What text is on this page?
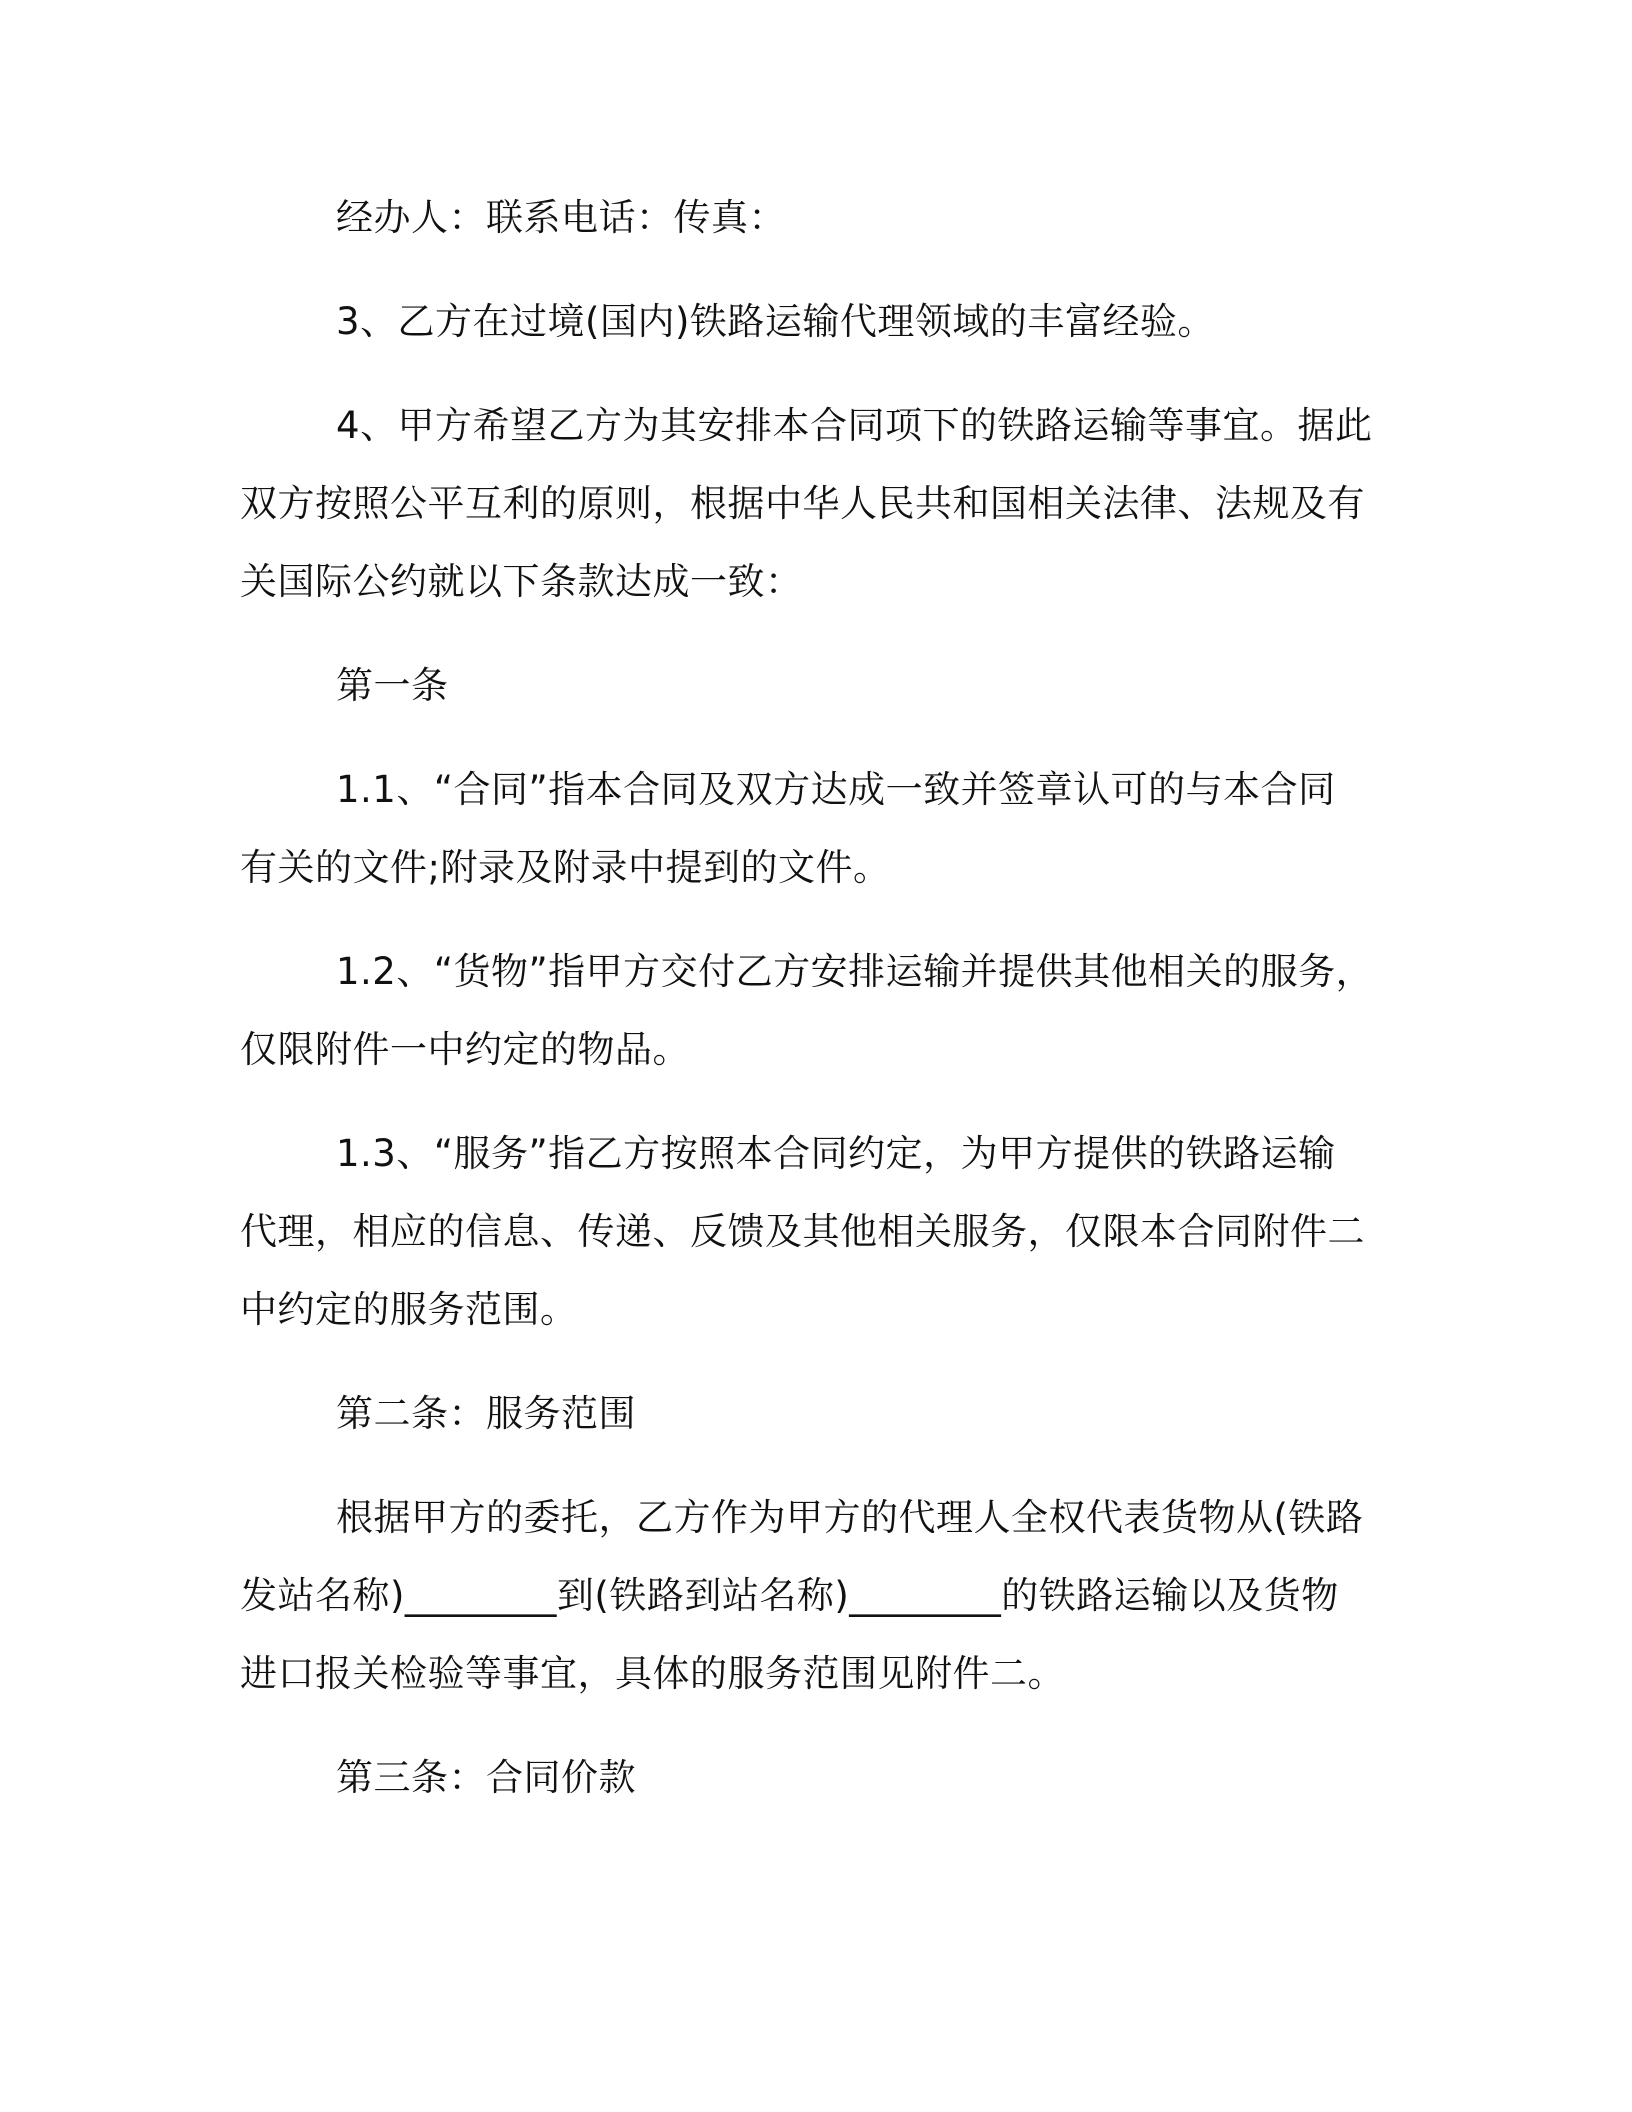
经办人：联系电话：传真：
3、乙方在过境(国内)铁路运输代理领域的丰富经验。
4、甲方希望乙方为其安排本合同项下的铁路运输等事宜。据此
双方按照公平互利的原则，根据中华人民共和国相关法律、法规及有
关国际公约就以下条款达成一致：
第一条
1.1、“合同”指本合同及双方达成一致并签章认可的与本合同
有关的文件;附录及附录中提到的文件。
1.2、“货物”指甲方交付乙方安排运输并提供其他相关的服务，
仅限附件一中约定的物品。
1.3、“服务”指乙方按照本合同约定，为甲方提供的铁路运输
代理，相应的信息、传递、反馈及其他相关服务，仅限本合同附件二
中约定的服务范围。
第二条：服务范围
根据甲方的委托，乙方作为甲方的代理人全权代表货物从(铁路
发站名称)________到(铁路到站名称)________的铁路运输以及货物
进口报关检验等事宜，具体的服务范围见附件二。
第三条：合同价款
